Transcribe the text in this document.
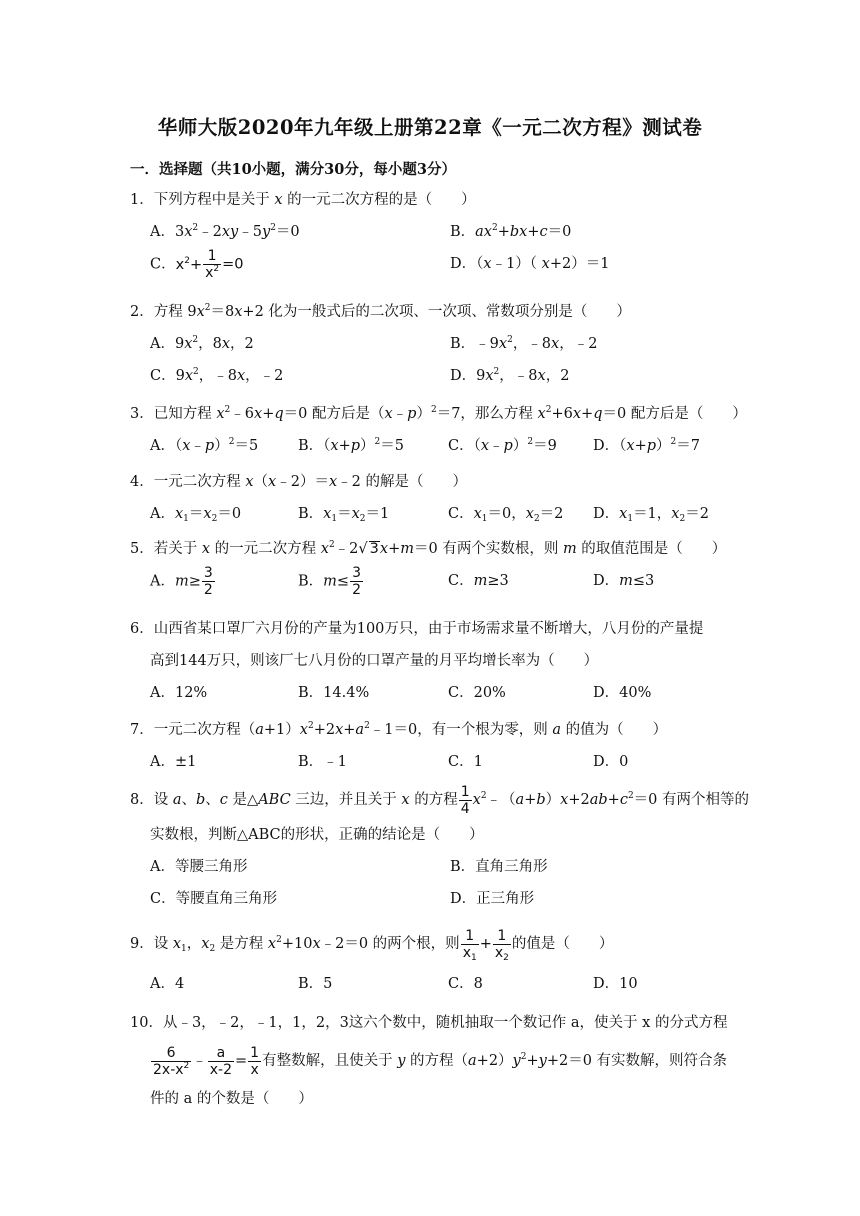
华师大版2020年九年级上册第22章《一元二次方程》测试卷
一．选择题（共10小题，满分30分，每小题3分）
1．下列方程中是关于 x 的一元二次方程的是（　　）
A．$3x^2﹣2xy﹣5y^2=0$	B．$ax^2+bx+c=0$
C．$x^2+ \frac{1}{x^2} =0$	D．（x﹣1）（ x+2）＝1
2．方程 $9x^2=8x+2$ 化为一般式后的二次项、一次项、常数项分别是（　　）
A．$9x^2$，8x，2	B．$﹣9x^2$，﹣8x，﹣2
C．$9x^2$，﹣8x，﹣2	D．$9x^2$，﹣8x，2
3．已知方程 $x^2﹣6x+q=0$ 配方后是（x﹣p）$^2$＝7，那么方程 $x^2+6x+q=0$ 配方后是（　　）
A．（x﹣p）$^2$＝5	B．$(x+p)^2=5$	C．（x﹣p）$^2$＝9 D．$(x+p)^2=7$
4．一元二次方程 x（x﹣2）＝x﹣2 的解是（　　）
A．$x_1=x_2=0$	B．$x_1=x_2=1$	C．$x_1=0$，$x_2=2$ D．$x_1=1$，$x_2=2$
5．若关于 x 的一元二次方程 $x^2﹣2√$ 3x+m＝0 有两个实数根，则 m 的取值范围是（　　）
A．$m\ge \frac{3}{2}$	B．$m\le \frac{3}{2}$	C．m≥3	D．m≤3
6．山西省某口罩厂六月份的产量为100万只，由于市场需求量不断增大，八月份的产量提
高到144万只，则该厂七八月份的口罩产量的月平均增长率为（　　）
A．12%	B．14.4%	C．20%	D．40%
7．一元二次方程$(a+1)x^2+2x+a^2﹣1=0$，有一个根为零，则 a 的值为（　　）
A．±1	B．﹣1	C．1	D．0
8．设 a、b、c 是△ABC 三边，并且关于 x 的方程 $\frac{1}{4}$ $x^2﹣(a+b)x+2ab+c^2=0$ 有两个相等的
实数根，判断△ABC的形状，正确的结论是（　　）
A．等腰三角形	B．直角三角形
C．等腰直角三角形	D．正三角形
9．设 $x_1$，$x_2$ 是方程 $x^2+10x﹣2=0$ 的两个根，则 $\frac{1}{x_1} + \frac{1}{x_2}$ 的值是（　　）
A．4	B．5	C．8	D．10
10．从﹣3，﹣2，﹣1，1，2，3这六个数中，随机抽取一个数记作 a，使关于 x 的分式方程
$\frac{6}{2x-x^2}$ ﹣ $\frac{a}{x-2} = \frac{1}{x}$ 有整数解，且使关于 y 的方程$(a+2)y^2+y+2=0$ 有实数解，则符合条
件的 a 的个数是（　　）
